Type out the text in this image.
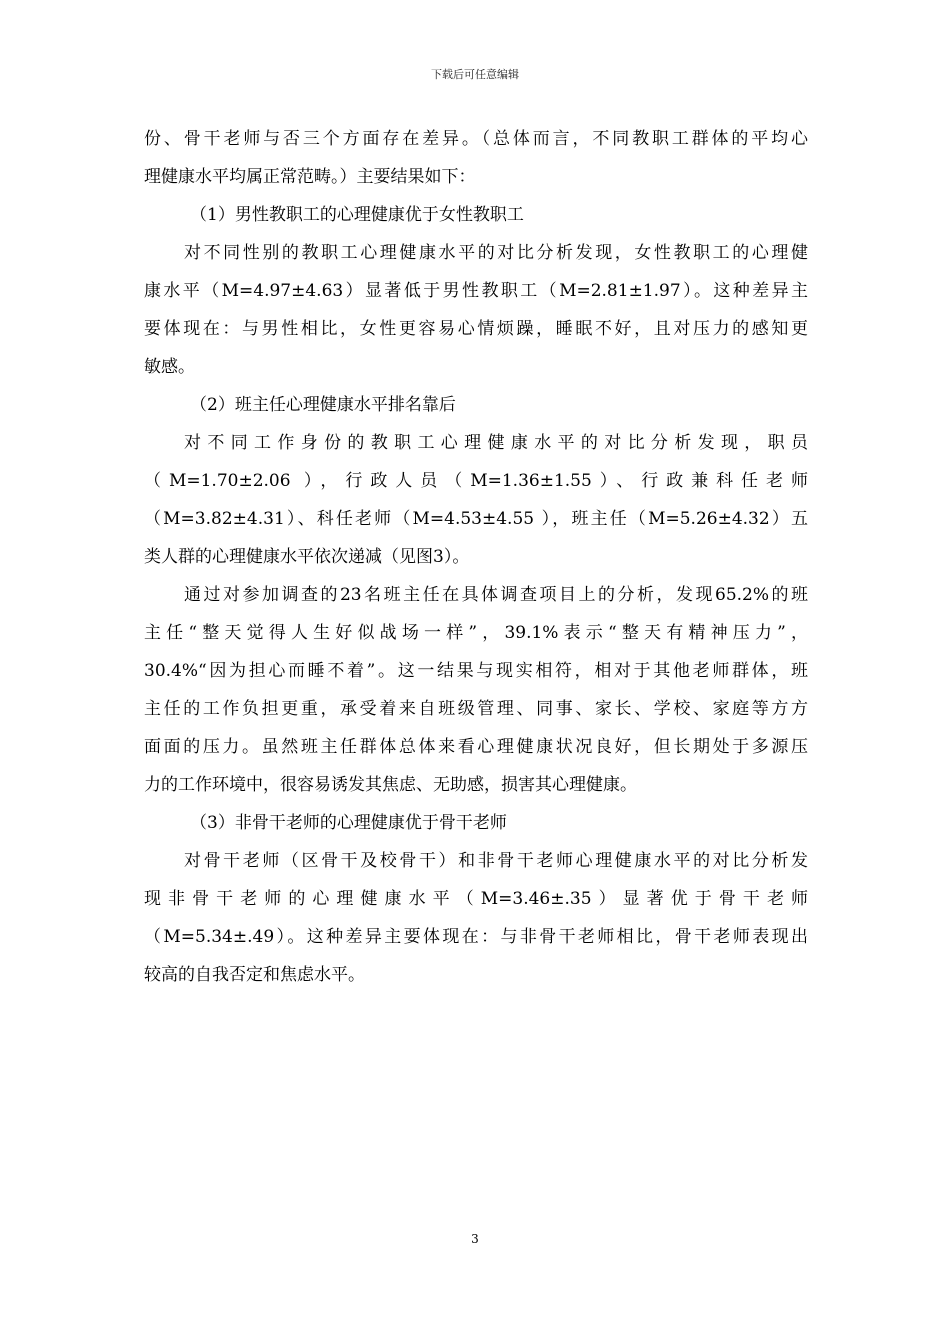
下载后可任意编辑

份、骨干老师与否三个方面存在差异。（总体而言，不同教职工群体的平均心
理健康水平均属正常范畴。）主要结果如下：

（1）男性教职工的心理健康优于女性教职工

对不同性别的教职工心理健康水平的对比分析发现，女性教职工的心理健
康水平（M=4.97±4.63）显著低于男性教职工（M=2.81±1.97）。这种差异主
要体现在：与男性相比，女性更容易心情烦躁，睡眠不好，且对压力的感知更
敏感。

（2）班主任心理健康水平排名靠后

对不同工作身份的教职工心理健康水平的对比分析发现，职员
（M=1.70±2.06 ），行政人员（M=1.36±1.55）、行政兼科任老师
（M=3.82±4.31）、科任老师（M=4.53±4.55 ），班主任（M=5.26±4.32）五
类人群的心理健康水平依次递减（见图3）。

通过对参加调查的23名班主任在具体调查项目上的分析，发现65.2%的班
主任“整天觉得人生好似战场一样”，39.1%表示“整天有精神压力”，
30.4%“因为担心而睡不着”。这一结果与现实相符，相对于其他老师群体，班
主任的工作负担更重，承受着来自班级管理、同事、家长、学校、家庭等方方
面面的压力。虽然班主任群体总体来看心理健康状况良好，但长期处于多源压
力的工作环境中，很容易诱发其焦虑、无助感，损害其心理健康。

（3）非骨干老师的心理健康优于骨干老师

对骨干老师（区骨干及校骨干）和非骨干老师心理健康水平的对比分析发
现非骨干老师的心理健康水平（M=3.46±.35）显著优于骨干老师
（M=5.34±.49）。这种差异主要体现在：与非骨干老师相比，骨干老师表现出
较高的自我否定和焦虑水平。

3
